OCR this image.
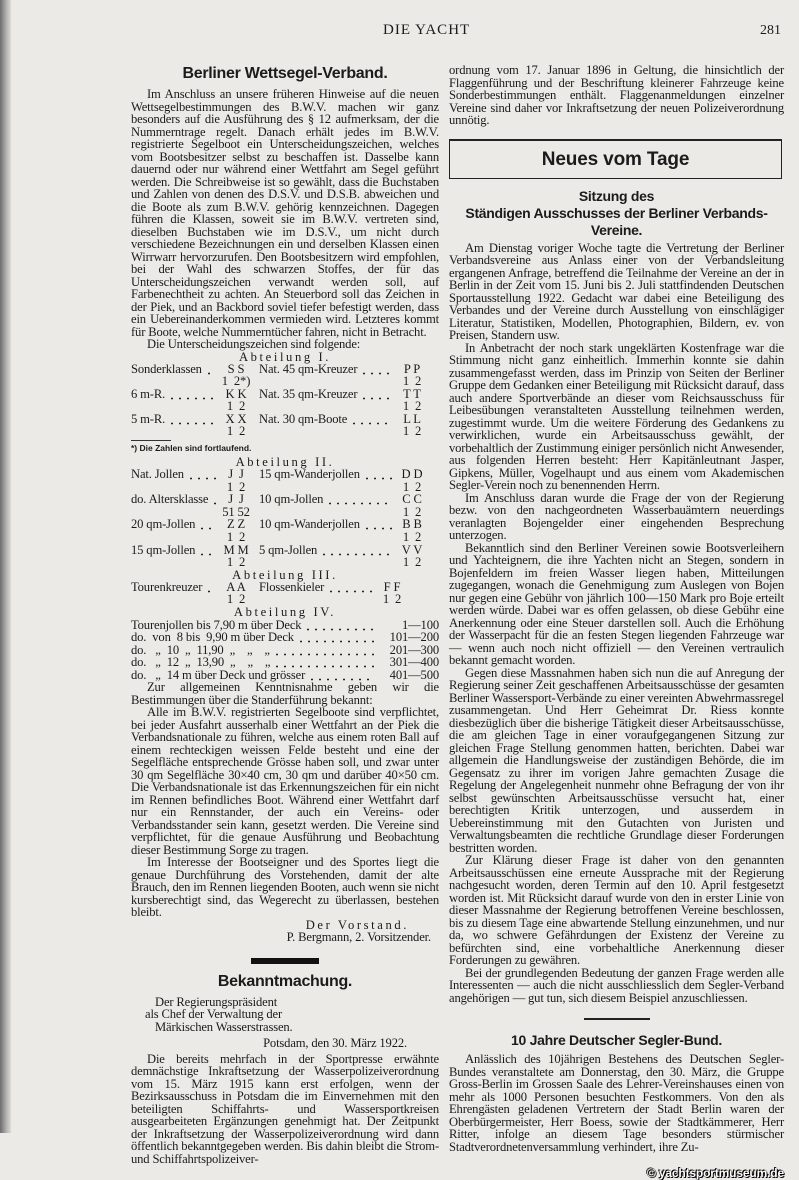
DIE YACHT	281
Berliner Wettsegel-Verband.

Im Anschluss an unsere früheren Hinweise auf die neuen Wettsegelbestimmungen des B.W.V. machen wir ganz besonders auf die Ausführung des § 12 aufmerksam, der die Nummerntrage regelt. Danach erhält jedes im B.W.V. registrierte Segelboot ein Unterscheidungszeichen, welches vom Bootsbesitzer selbst zu beschaffen ist. Dasselbe kann dauernd oder nur während einer Wettfahrt am Segel geführt werden. Die Schreibweise ist so gewählt, dass die Buchstaben und Zahlen von denen des D.S.V. und D.S.B. abweichen und die Boote als zum B.W.V. gehörig kennzeichnen. Dagegen führen die Klassen, soweit sie im B.W.V. vertreten sind, dieselben Buchstaben wie im D.S.V., um nicht durch verschiedene Bezeichnungen ein und derselben Klassen einen Wirrwarr hervorzurufen. Den Bootsbesitzern wird empfohlen, bei der Wahl des schwarzen Stoffes, der für das Unterscheidungszeichen verwandt werden soll, auf Farbenechtheit zu achten. An Steuerbord soll das Zeichen in der Piek, und an Backbord soviel tiefer befestigt werden, dass ein Uebereinanderkommen vermieden wird. Letzteres kommt für Boote, welche Nummerntücher fahren, nicht in Betracht.

Die Unterscheidungszeichen sind folgende:

Abteilung I.
Sonderklassen	S S
1  2*)
Nat. 45 qm-Kreuzer	P P
1  2
6 m-R.	K K
1  2
Nat. 35 qm-Kreuzer	T T
1  2
5 m-R.	X X
1  2
Nat. 30 qm-Boote	L L
1  2
*) Die Zahlen sind fortlaufend.
Abteilung II.
Nat. Jollen	J  J
1  2
15 qm-Wanderjollen	D D
1  2
do. Altersklasse	J  J
51 52
10 qm-Jollen	C C
1  2
20 qm-Jollen	Z Z
1  2
10 qm-Wanderjollen	B B
1  2
15 qm-Jollen	M M
1  2
5 qm-Jollen	V V
1  2
Abteilung III.
Tourenkreuzer	A A
1  2
Flossenkieler	F F
1  2
Abteilung IV.
Tourenjollen bis 7,90 m über Deck	1—100
do.  von  8 bis  9,90 m über Deck	101—200
do.   „  10  „  11,90  „    „    „	201—300
do.   „  12  „  13,90  „    „    „	301—400
do.   „  14 m über Deck und grösser	401—500

Zur allgemeinen Kenntnisnahme geben wir die Bestimmungen über die Standerführung bekannt:

Alle im B.W.V. registrierten Segelboote sind verpflichtet, bei jeder Ausfahrt ausserhalb einer Wettfahrt an der Piek die Verbandsnationale zu führen, welche aus einem roten Ball auf einem rechteckigen weissen Felde besteht und eine der Segelfläche entsprechende Grösse haben soll, und zwar unter 30 qm Segelfläche 30×40 cm, 30 qm und darüber 40×50 cm. Die Verbandsnationale ist das Erkennungszeichen für ein nicht im Rennen befindliches Boot. Während einer Wettfahrt darf nur ein Rennstander, der auch ein Vereins- oder Verbandsstander sein kann, gesetzt werden. Die Vereine sind verpflichtet, für die genaue Ausführung und Beobachtung dieser Bestimmung Sorge zu tragen.

Im Interesse der Bootseigner und des Sportes liegt die genaue Durchführung des Vorstehenden, damit der alte Brauch, den im Rennen liegenden Booten, auch wenn sie nicht kursberechtigt sind, das Wegerecht zu überlassen, bestehen bleibt.

Der Vorstand.
P. Bergmann, 2. Vorsitzender.
Bekanntmachung.
Der Regierungspräsident
als Chef der Verwaltung der
Märkischen Wasserstrassen.
Potsdam, den 30. März 1922.

Die bereits mehrfach in der Sportpresse erwähnte demnächstige Inkraftsetzung der Wasserpolizeiverordnung vom 15. März 1915 kann erst erfolgen, wenn der Bezirksausschuss in Potsdam die im Einvernehmen mit den beteiligten Schiffahrts- und Wassersportkreisen ausgearbeiteten Ergänzungen genehmigt hat. Der Zeitpunkt der Inkraftsetzung der Wasserpolizeiverordnung wird dann öffentlich bekanntgegeben werden. Bis dahin bleibt die Strom- und Schiffahrtspolizeiver-

ordnung vom 17. Januar 1896 in Geltung, die hinsichtlich der Flaggenführung und der Beschriftung kleinerer Fahrzeuge keine Sonderbestimmungen enthält. Flaggenanmeldungen einzelner Vereine sind daher vor Inkraftsetzung der neuen Polizeiverordnung unnötig.

Neues vom Tage
Sitzung des
Ständigen Ausschusses der Berliner Verbands-Vereine.

Am Dienstag voriger Woche tagte die Vertretung der Berliner Verbandsvereine aus Anlass einer von der Verbandsleitung ergangenen Anfrage, betreffend die Teilnahme der Vereine an der in Berlin in der Zeit vom 15. Juni bis 2. Juli stattfindenden Deutschen Sportausstellung 1922. Gedacht war dabei eine Beteiligung des Verbandes und der Vereine durch Ausstellung von einschlägiger Literatur, Statistiken, Modellen, Photographien, Bildern, ev. von Preisen, Standern usw.

In Anbetracht der noch stark ungeklärten Kostenfrage war die Stimmung nicht ganz einheitlich. Immerhin konnte sie dahin zusammengefasst werden, dass im Prinzip von Seiten der Berliner Gruppe dem Gedanken einer Beteiligung mit Rücksicht darauf, dass auch andere Sportverbände an dieser vom Reichsausschuss für Leibesübungen veranstalteten Ausstellung teilnehmen werden, zugestimmt wurde. Um die weitere Förderung des Gedankens zu verwirklichen, wurde ein Arbeitsausschuss gewählt, der vorbehaltlich der Zustimmung einiger persönlich nicht Anwesender, aus folgenden Herren besteht: Herr Kapitänleutnant Jasper, Gipkens, Müller, Vogelhaupt und aus einem vom Akademischen Segler-Verein noch zu benennenden Herrn.

Im Anschluss daran wurde die Frage der von der Regierung bezw. von den nachgeordneten Wasserbauämtern neuerdings veranlagten Bojengelder einer eingehenden Besprechung unterzogen.

Bekanntlich sind den Berliner Vereinen sowie Bootsverleihern und Yachteignern, die ihre Yachten nicht an Stegen, sondern in Bojenfeldern im freien Wasser liegen haben, Mitteilungen zugegangen, wonach die Genehmigung zum Auslegen von Bojen nur gegen eine Gebühr von jährlich 100—150 Mark pro Boje erteilt werden würde. Dabei war es offen gelassen, ob diese Gebühr eine Anerkennung oder eine Steuer darstellen soll. Auch die Erhöhung der Wasserpacht für die an festen Stegen liegenden Fahrzeuge war — wenn auch noch nicht offiziell — den Vereinen vertraulich bekannt gemacht worden.

Gegen diese Massnahmen haben sich nun die auf Anregung der Regierung seiner Zeit geschaffenen Arbeitsausschüsse der gesamten Berliner Wassersport-Verbände zu einer vereinten Abwehrmassregel zusammengetan. Und Herr Geheimrat Dr. Riess konnte diesbezüglich über die bisherige Tätigkeit dieser Arbeitsausschüsse, die am gleichen Tage in einer voraufgegangenen Sitzung zur gleichen Frage Stellung genommen hatten, berichten. Dabei war allgemein die Handlungsweise der zuständigen Behörde, die im Gegensatz zu ihrer im vorigen Jahre gemachten Zusage die Regelung der Angelegenheit nunmehr ohne Befragung der von ihr selbst gewünschten Arbeitsausschüsse versucht hat, einer berechtigten Kritik unterzogen, und ausserdem in Uebereinstimmung mit den Gutachten von Juristen und Verwaltungsbeamten die rechtliche Grundlage dieser Forderungen bestritten worden.

Zur Klärung dieser Frage ist daher von den genannten Arbeitsausschüssen eine erneute Aussprache mit der Regierung nachgesucht worden, deren Termin auf den 10. April festgesetzt worden ist. Mit Rücksicht darauf wurde von den in erster Linie von dieser Massnahme der Regierung betroffenen Vereine beschlossen, bis zu diesem Tage eine abwartende Stellung einzunehmen, und nur da, wo schwere Gefährdungen der Existenz der Vereine zu befürchten sind, eine vorbehaltliche Anerkennung dieser Forderungen zu gewähren.

Bei der grundlegenden Bedeutung der ganzen Frage werden alle Interessenten — auch die nicht ausschliesslich dem Segler-Verband angehörigen — gut tun, sich diesem Beispiel anzuschliessen.

10 Jahre Deutscher Segler-Bund.

Anlässlich des 10jährigen Bestehens des Deutschen Segler-Bundes veranstaltete am Donnerstag, den 30. März, die Gruppe Gross-Berlin im Grossen Saale des Lehrer-Vereinshauses einen von mehr als 1000 Personen besuchten Festkommers. Von den als Ehrengästen geladenen Vertretern der Stadt Berlin waren der Oberbürgermeister, Herr Boess, sowie der Stadtkämmerer, Herr Ritter, infolge an diesem Tage besonders stürmischer Stadtverordnetenversammlung verhindert, ihre Zu-

© yachtsportmuseum.de
